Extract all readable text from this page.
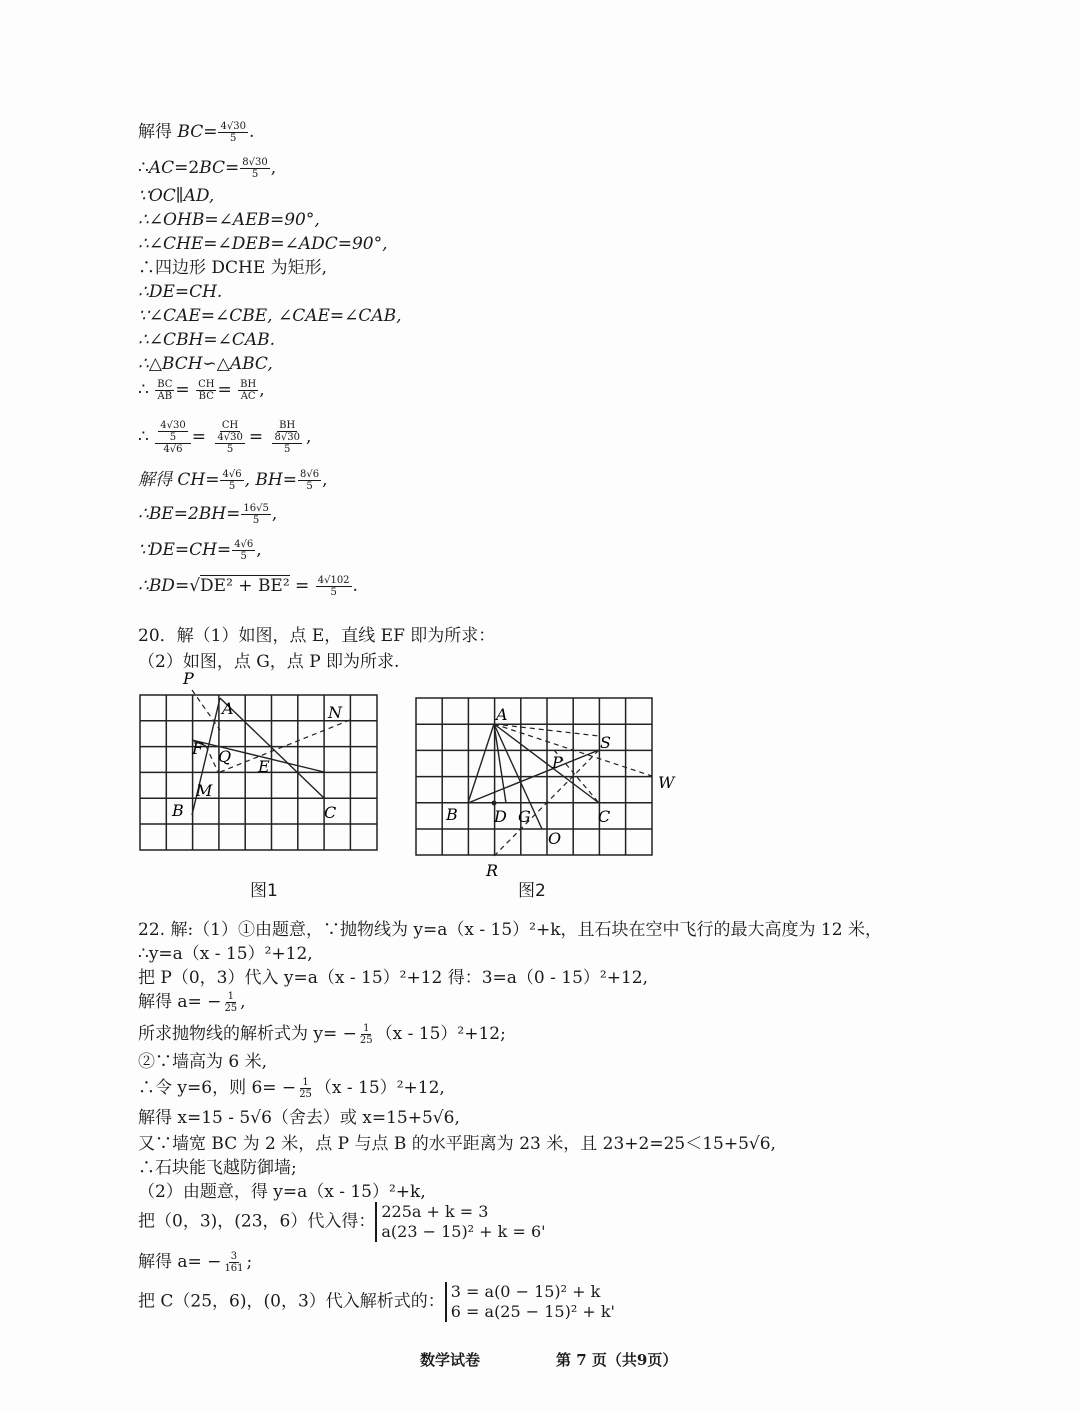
解得 $BC= \frac{4√30}{5}$ .
∴AC=2BC= $\frac{8√30}{5}$ ,
∵OC∥AD,
∴∠OHB=∠AEB=90°,
∴∠CHE=∠DEB=∠ADC=90°,
∴四边形 DCHE 为矩形,
∴DE=CH.
∵∠CAE=∠CBE, ∠CAE=∠CAB,
∴∠CBH=∠CAB.
∴△BCH∽△ABC,
∴ $\frac{BC}{AB} = \frac{CH}{BC} = \frac{BH}{AC}$ ,
∴ $\frac{\frac{4√30}{5}}{4√6} = \frac{CH}{\frac{4√30}{5}} = \frac{BH}{\frac{8√30}{5}}$ ,
解得 $CH= \frac{4√6}{5}$ , $BH= \frac{8√6}{5}$ ,
∴BE=2BH= $\frac{16√5}{5}$ ,
∵DE=CH= $\frac{4√6}{5}$ ,
∴BD=√DE² + $BE^2 = \frac{4√102}{5}$ .
20．解（1）如图，点 E，直线 EF 即为所求：
（2）如图，点 G，点 P 即为所求.
P
A	N
F Q
E
M
B	C
图1
A
S
P
W
B D G	C
O
R
图2
22. 解:（1）①由题意，∵抛物线为 y=a（x - 15）²+k，且石块在空中飞行的最大高度为 12 米，
∴y=a（x - 15）²+12,
把 P（0，3）代入 y=a（x - 15）²+12 得：3=a（0 - 15）²+12,
解得 $a= - \frac{1}{25}$ ,
所求抛物线的解析式为 $y= - \frac{1}{25} (x - 15)^2+12$;
②∵墙高为 6 米,
∴令 y=6，则 $6= - \frac{1}{25} (x - 15)^2+12$,
解得 x=15 - 5√6（舍去）或 x=15+5√6,
又∵墙宽 BC 为 2 米，点 P 与点 B 的水平距离为 23 米，且 23+2=25＜15+5√6,
∴石块能飞越防御墙;
（2）由题意，得 y=a（x - 15）²+k,
把（0，3)，(23，6）代入得： 225a + k = 3
a(23 − 15)² + k = 6'
解得 $a= - \frac{3}{161}$ ;
把 C（25，6)，(0，3）代入解析式的： 3 = a(0 − 15)² + k
6 = a(25 − 15)² + k'
数学试卷	第 7 页（共9页）
